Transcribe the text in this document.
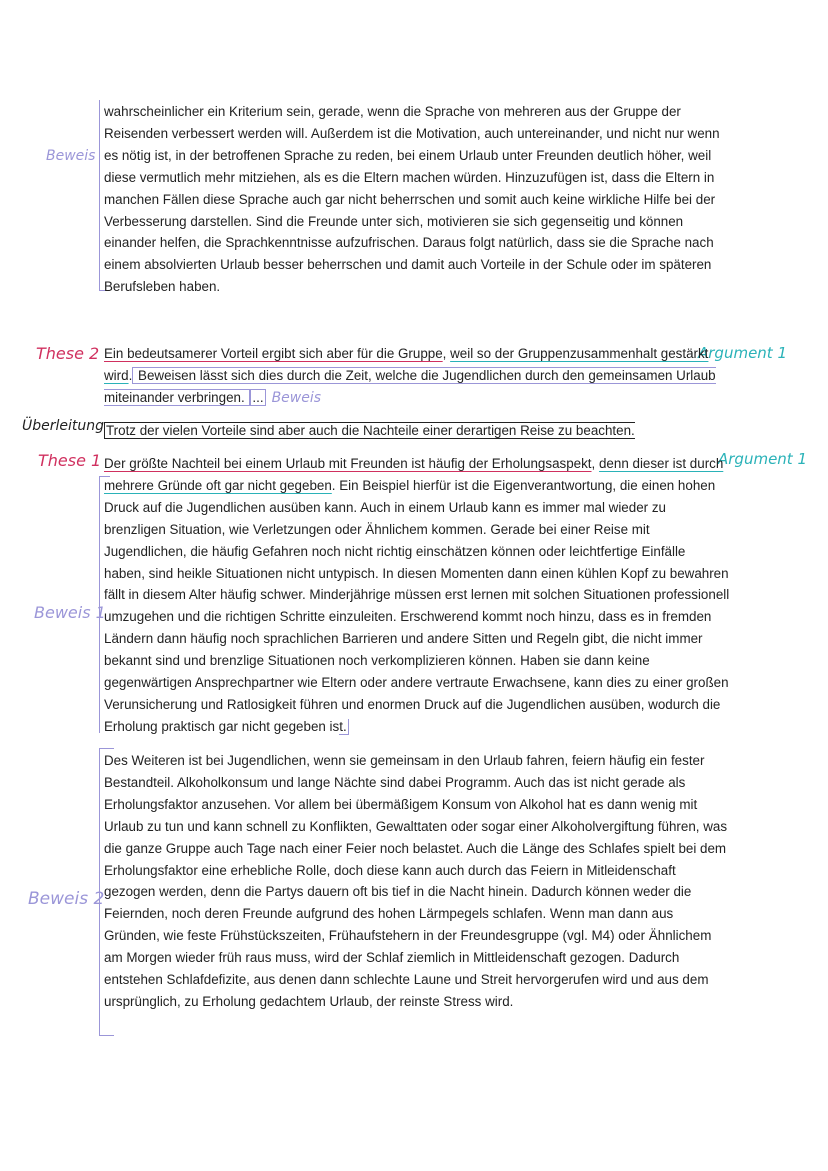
Beweis
These 2	Argument 1
Überleitung
These 1	Argument 1
Beweis 1
Beweis 2

wahrscheinlicher ein Kriterium sein, gerade, wenn die Sprache von mehreren aus der Gruppe der Reisenden verbessert werden will. Außerdem ist die Motivation, auch untereinander, und nicht nur wenn es nötig ist, in der betroffenen Sprache zu reden, bei einem Urlaub unter Freunden deutlich höher, weil diese vermutlich mehr mitziehen, als es die Eltern machen würden. Hinzuzufügen ist, dass die Eltern in manchen Fällen diese Sprache auch gar nicht beherrschen und somit auch keine wirkliche Hilfe bei der Verbesserung darstellen. Sind die Freunde unter sich, motivieren sie sich gegenseitig und können einander helfen, die Sprachkenntnisse aufzufrischen. Daraus folgt natürlich, dass sie die Sprache nach einem absolvierten Urlaub besser beherrschen und damit auch Vorteile in der Schule oder im späteren Berufsleben haben.

Ein bedeutsamerer Vorteil ergibt sich aber für die Gruppe, weil so der Gruppenzusammenhalt gestärkt wird. Beweisen lässt sich dies durch die Zeit, welche die Jugendlichen durch den gemeinsamen Urlaub miteinander verbringen. ... Beweis

Trotz der vielen Vorteile sind aber auch die Nachteile einer derartigen Reise zu beachten.

Der größte Nachteil bei einem Urlaub mit Freunden ist häufig der Erholungsaspekt, denn dieser ist durch mehrere Gründe oft gar nicht gegeben. Ein Beispiel hierfür ist die Eigenverantwortung, die einen hohen Druck auf die Jugendlichen ausüben kann. Auch in einem Urlaub kann es immer mal wieder zu brenzligen Situation, wie Verletzungen oder Ähnlichem kommen. Gerade bei einer Reise mit Jugendlichen, die häufig Gefahren noch nicht richtig einschätzen können oder leichtfertige Einfälle haben, sind heikle Situationen nicht untypisch. In diesen Momenten dann einen kühlen Kopf zu bewahren fällt in diesem Alter häufig schwer. Minderjährige müssen erst lernen mit solchen Situationen professionell umzugehen und die richtigen Schritte einzuleiten. Erschwerend kommt noch hinzu, dass es in fremden Ländern dann häufig noch sprachlichen Barrieren und andere Sitten und Regeln gibt, die nicht immer bekannt sind und brenzlige Situationen noch verkomplizieren können. Haben sie dann keine gegenwärtigen Ansprechpartner wie Eltern oder andere vertraute Erwachsene, kann dies zu einer großen Verunsicherung und Ratlosigkeit führen und enormen Druck auf die Jugendlichen ausüben, wodurch die Erholung praktisch gar nicht gegeben ist.

Des Weiteren ist bei Jugendlichen, wenn sie gemeinsam in den Urlaub fahren, feiern häufig ein fester Bestandteil. Alkoholkonsum und lange Nächte sind dabei Programm. Auch das ist nicht gerade als Erholungsfaktor anzusehen. Vor allem bei übermäßigem Konsum von Alkohol hat es dann wenig mit Urlaub zu tun und kann schnell zu Konflikten, Gewalttaten oder sogar einer Alkoholvergiftung führen, was die ganze Gruppe auch Tage nach einer Feier noch belastet. Auch die Länge des Schlafes spielt bei dem Erholungsfaktor eine erhebliche Rolle, doch diese kann auch durch das Feiern in Mitleidenschaft gezogen werden, denn die Partys dauern oft bis tief in die Nacht hinein. Dadurch können weder die Feiernden, noch deren Freunde aufgrund des hohen Lärmpegels schlafen. Wenn man dann aus Gründen, wie feste Frühstückszeiten, Frühaufstehern in der Freundesgruppe (vgl. M4) oder Ähnlichem am Morgen wieder früh raus muss, wird der Schlaf ziemlich in Mittleidenschaft gezogen. Dadurch entstehen Schlafdefizite, aus denen dann schlechte Laune und Streit hervorgerufen wird und aus dem ursprünglich, zu Erholung gedachtem Urlaub, der reinste Stress wird.
